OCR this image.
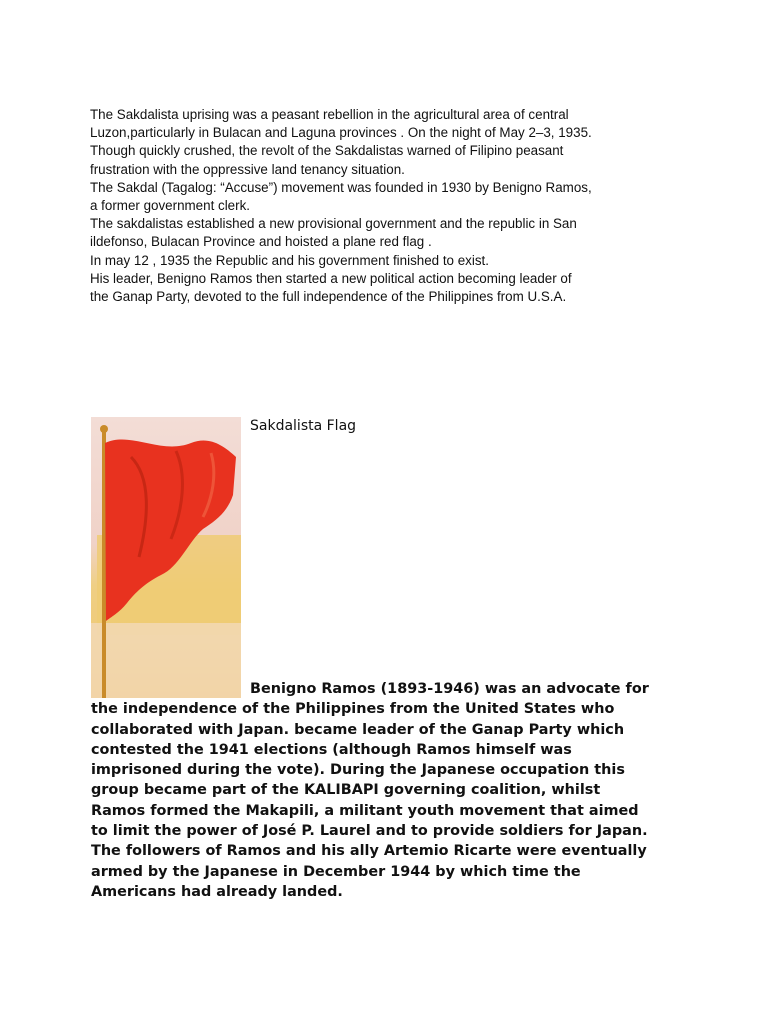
The Sakdalista uprising was a peasant rebellion in the agricultural area of central

Luzon,particularly in Bulacan and Laguna provinces . On the night of May 2–3, 1935.

Though quickly crushed, the revolt of the Sakdalistas warned of Filipino peasant

frustration with the oppressive land tenancy situation.

The Sakdal (Tagalog: “Accuse”) movement was founded in 1930 by Benigno Ramos,

a former government clerk.

The sakdalistas established a new provisional government and the republic in San

ildefonso, Bulacan Province and hoisted a plane red flag .

In may 12 , 1935 the Republic and his government finished to exist.

His leader, Benigno Ramos then started a new political action becoming leader of

the Ganap Party, devoted to the full independence of the Philippines from U.S.A.

Sakdalista Flag

Benigno Ramos (1893-1946) was an advocate for

the independence of the Philippines from the United States who

collaborated with Japan. became leader of the Ganap Party which

contested the 1941 elections (although Ramos himself was

imprisoned during the vote). During the Japanese occupation this

group became part of the KALIBAPI governing coalition, whilst

Ramos formed the Makapili, a militant youth movement that aimed

to limit the power of José P. Laurel and to provide soldiers for Japan.

The followers of Ramos and his ally Artemio Ricarte were eventually

armed by the Japanese in December 1944 by which time the

Americans had already landed.
